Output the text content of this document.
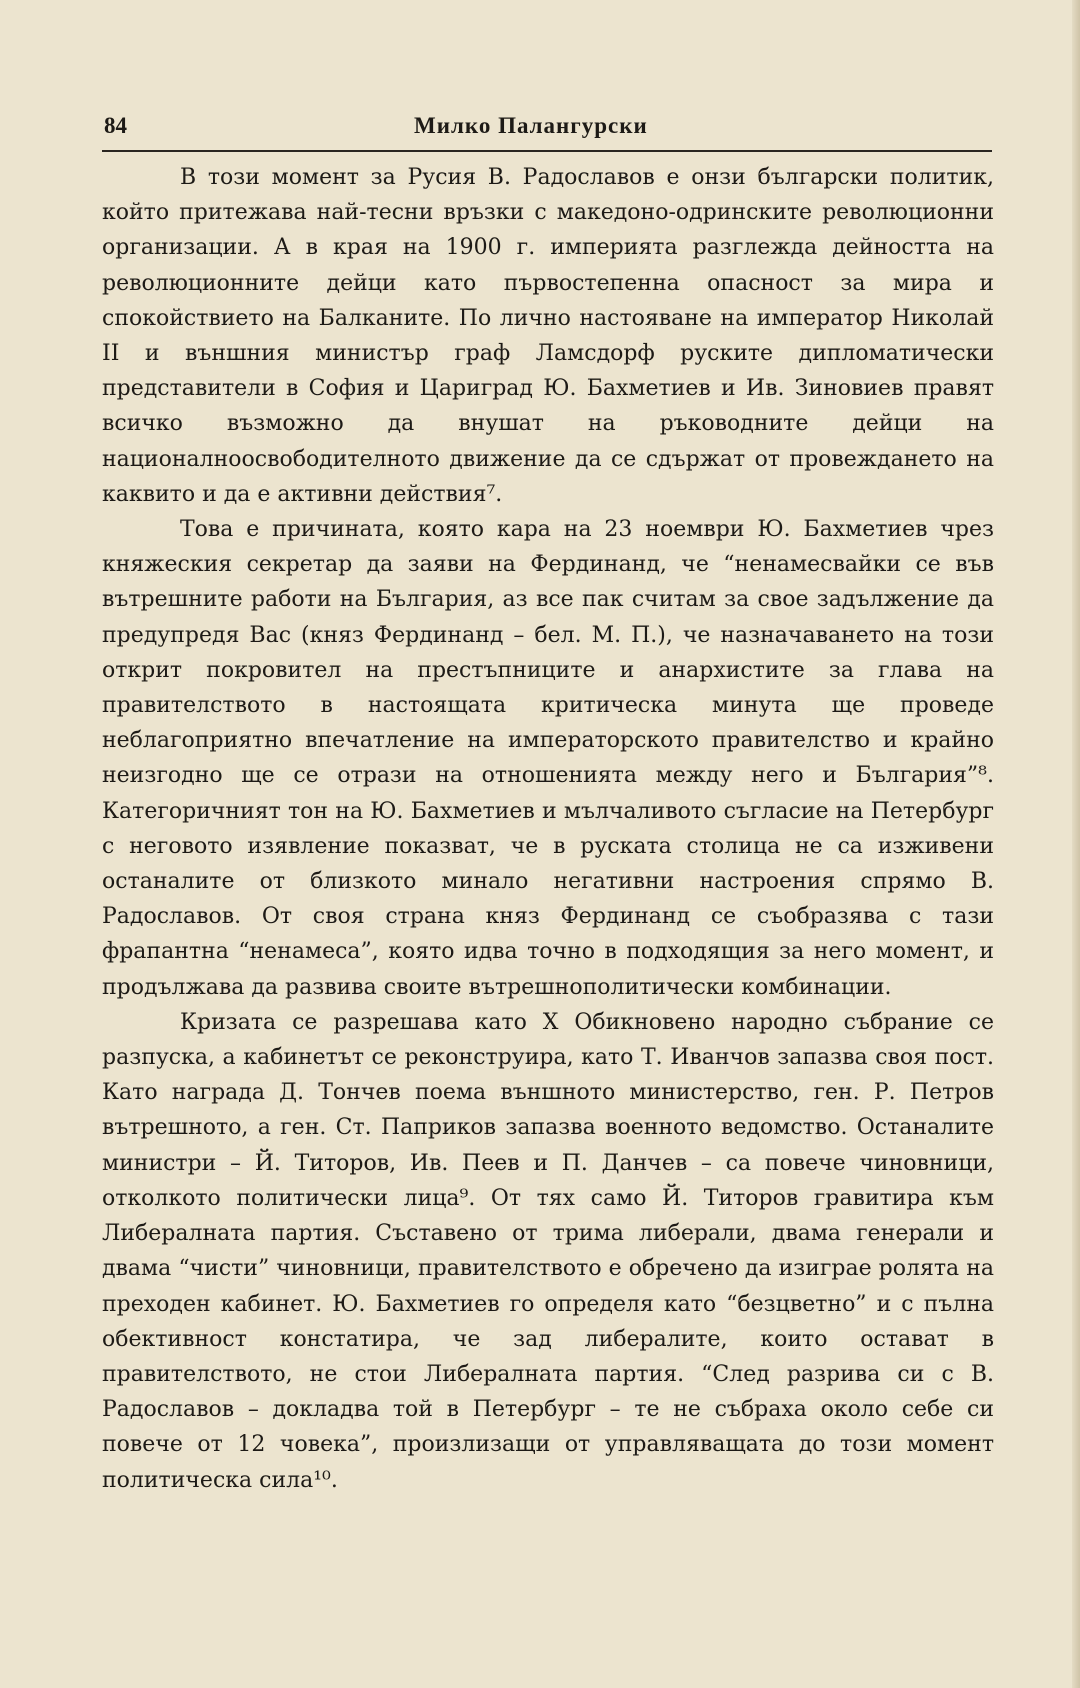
84	Милко Палангурски

В този момент за Русия В. Радославов е онзи български политик, който притежава най-тесни връзки с македоно-одринските революционни организации. А в края на 1900 г. империята разглежда дейността на революционните дейци като първостепенна опасност за мира и спокойствието на Балканите. По лично настояване на император Николай II и външния министър граф Ламсдорф руските дипломатически представители в София и Цариград Ю. Бахметиев и Ив. Зиновиев правят всичко възможно да внушат на ръководните дейци на националноосвободителното движение да се сдържат от провеждането на каквито и да е активни действия⁷.

Това е причината, която кара на 23 ноември Ю. Бахметиев чрез княжеския секретар да заяви на Фердинанд, че “ненамесвайки се във вътрешните работи на България, аз все пак считам за свое задължение да предупредя Вас (княз Фердинанд – бел. М. П.), че назначаването на този открит покровител на престъпниците и анархистите за глава на правителството в настоящата критическа минута ще проведе неблагоприятно впечатление на императорското правителство и крайно неизгодно ще се отрази на отношенията между него и България”⁸. Категоричният тон на Ю. Бахметиев и мълчаливото съгласие на Петербург с неговото изявление показват, че в руската столица не са изживени останалите от близкото минало негативни настроения спрямо В. Радославов. От своя страна княз Фердинанд се съобразява с тази фрапантна “ненамеса”, която идва точно в подходящия за него момент, и продължава да развива своите вътрешнополитически комбинации.

Кризата се разрешава като Х Обикновено народно събрание се разпуска, а кабинетът се реконструира, като Т. Иванчов запазва своя пост. Като награда Д. Тончев поема външното министерство, ген. Р. Петров вътрешното, а ген. Ст. Паприков запазва военното ведомство. Останалите министри – Й. Титоров, Ив. Пеев и П. Данчев – са повече чиновници, отколкото политически лица⁹. От тях само Й. Титоров гравитира към Либералната партия. Съставено от трима либерали, двама генерали и двама “чисти” чиновници, правителството е обречено да изиграе ролята на преходен кабинет. Ю. Бахметиев го определя като “безцветно” и с пълна обективност констатира, че зад либералите, които остават в правителството, не стои Либералната партия. “След разрива си с В. Радославов – докладва той в Петербург – те не събраха около себе си повече от 12 човека”, произлизащи от управляващата до този момент политическа сила¹⁰.
